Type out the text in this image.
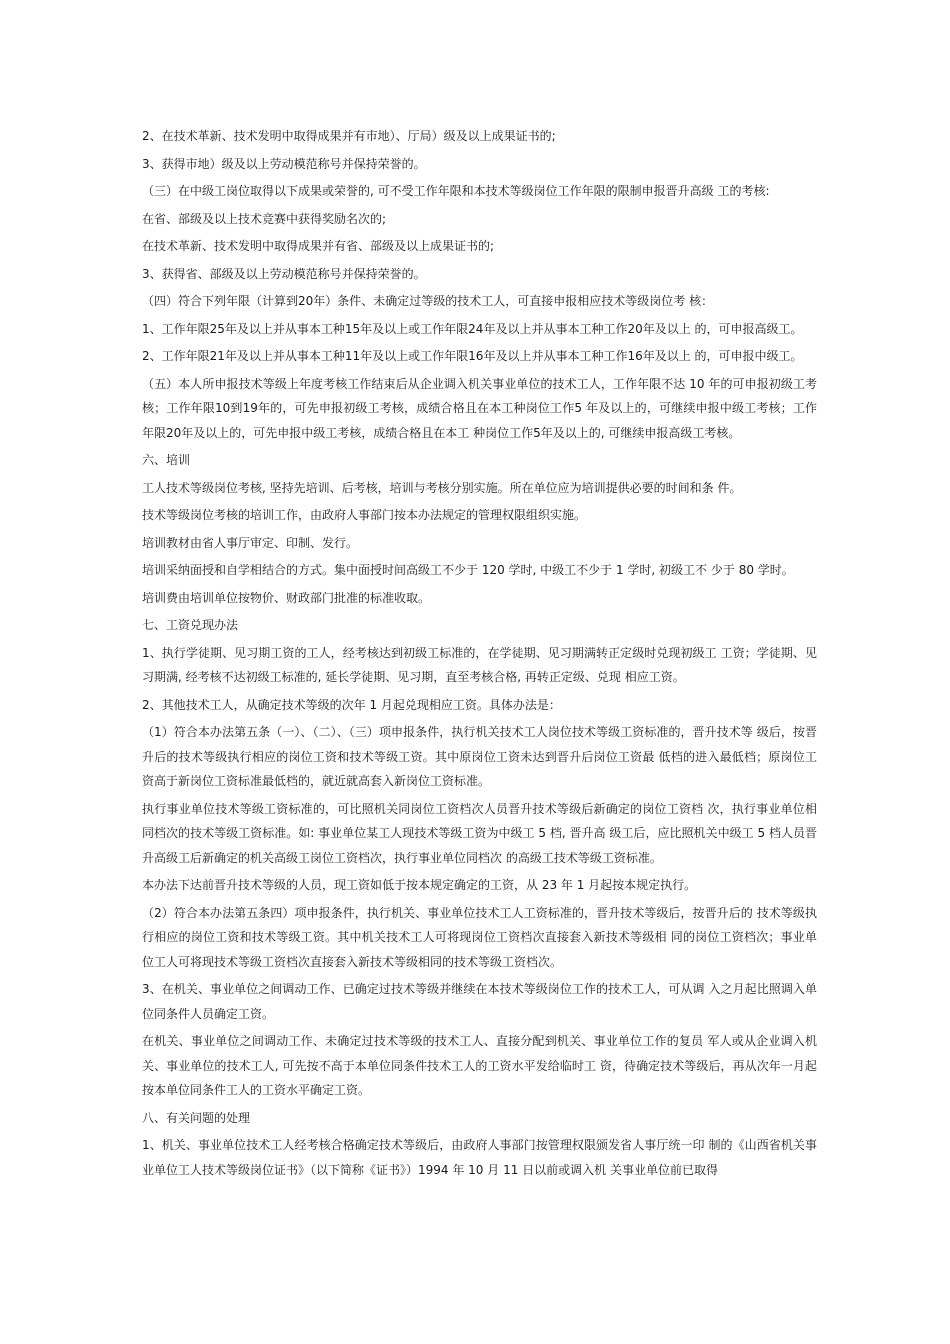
2、在技术革新、技术发明中取得成果并有市地）、厅局）级及以上成果证书的;

3、获得市地）级及以上劳动模范称号并保持荣誉的。

（三）在中级工岗位取得以下成果或荣誉的, 可不受工作年限和本技术等级岗位工作年限的限制申报晋升高级 工的考核:

在省、部级及以上技术竞赛中获得奖励名次的;

在技术革新、技术发明中取得成果并有省、部级及以上成果证书的;

3、获得省、部级及以上劳动模范称号并保持荣誉的。

（四）符合下列年限（计算到20年）条件、未确定过等级的技术工人，可直接申报相应技术等级岗位考 核：

1、工作年限25年及以上并从事本工种15年及以上或工作年限24年及以上并从事本工种工作20年及以上 的，可申报高级工。

2、工作年限21年及以上并从事本工种11年及以上或工作年限16年及以上并从事本工种工作16年及以上 的，可申报中级工。

（五）本人所申报技术等级上年度考核工作结束后从企业调入机关事业单位的技术工人，工作年限不达 10 年的可申报初级工考核；工作年限10到19年的，可先申报初级工考核，成绩合格且在本工种岗位工作5 年及以上的，可继续申报中级工考核；工作年限20年及以上的，可先申报中级工考核，成绩合格且在本工 种岗位工作5年及以上的, 可继续申报高级工考核。

六、培训

工人技术等级岗位考核, 坚持先培训、后考核，培训与考核分别实施。所在单位应为培训提供必要的时间和条 件。

技术等级岗位考核的培训工作，由政府人事部门按本办法规定的管理权限组织实施。

培训教材由省人事厅审定、印制、发行。

培训采纳面授和自学相结合的方式。集中面授时间高级工不少于 120 学时, 中级工不少于 1 学时, 初级工不 少于 80 学时。

培训费由培训单位按物价、财政部门批准的标准收取。

七、工资兑现办法

1、执行学徒期、见习期工资的工人，经考核达到初级工标准的，在学徒期、见习期满转正定级时兑现初级工 工资；学徒期、见习期满, 经考核不达初级工标准的, 延长学徒期、见习期，直至考核合格, 再转正定级、兑现 相应工资。

2、其他技术工人，从确定技术等级的次年 1 月起兑现相应工资。具体办法是：

（1）符合本办法第五条（一）、（二）、（三）项申报条件，执行机关技术工人岗位技术等级工资标准的，晋升技术等 级后，按晋升后的技术等级执行相应的岗位工资和技术等级工资。其中原岗位工资未达到晋升后岗位工资最 低档的进入最低档；原岗位工资高于新岗位工资标准最低档的，就近就高套入新岗位工资标准。

执行事业单位技术等级工资标准的，可比照机关同岗位工资档次人员晋升技术等级后新确定的岗位工资档 次，执行事业单位相同档次的技术等级工资标准。如: 事业单位某工人现技术等级工资为中级工 5 档, 晋升高 级工后，应比照机关中级工 5 档人员晋升高级工后新确定的机关高级工岗位工资档次，执行事业单位同档次 的高级工技术等级工资标准。

本办法下达前晋升技术等级的人员，现工资如低于按本规定确定的工资，从 23 年 1 月起按本规定执行。

（2）符合本办法第五条四）项申报条件，执行机关、事业单位技术工人工资标准的，晋升技术等级后，按晋升后的 技术等级执行相应的岗位工资和技术等级工资。其中机关技术工人可将现岗位工资档次直接套入新技术等级相 同的岗位工资档次；事业单位工人可将现技术等级工资档次直接套入新技术等级相同的技术等级工资档次。

3、在机关、事业单位之间调动工作、已确定过技术等级并继续在本技术等级岗位工作的技术工人，可从调 入之月起比照调入单位同条件人员确定工资。

在机关、事业单位之间调动工作、未确定过技术等级的技术工人、直接分配到机关、事业单位工作的复员 军人或从企业调入机关、事业单位的技术工人, 可先按不高于本单位同条件技术工人的工资水平发给临时工 资，待确定技术等级后，再从次年一月起按本单位同条件工人的工资水平确定工资。

八、有关问题的处理

1、机关、事业单位技术工人经考核合格确定技术等级后，由政府人事部门按管理权限颁发省人事厅统一印 制的《山西省机关事业单位工人技术等级岗位证书》（以下简称《证书》）1994 年 10 月 11 日以前或调入机 关事业单位前已取得
